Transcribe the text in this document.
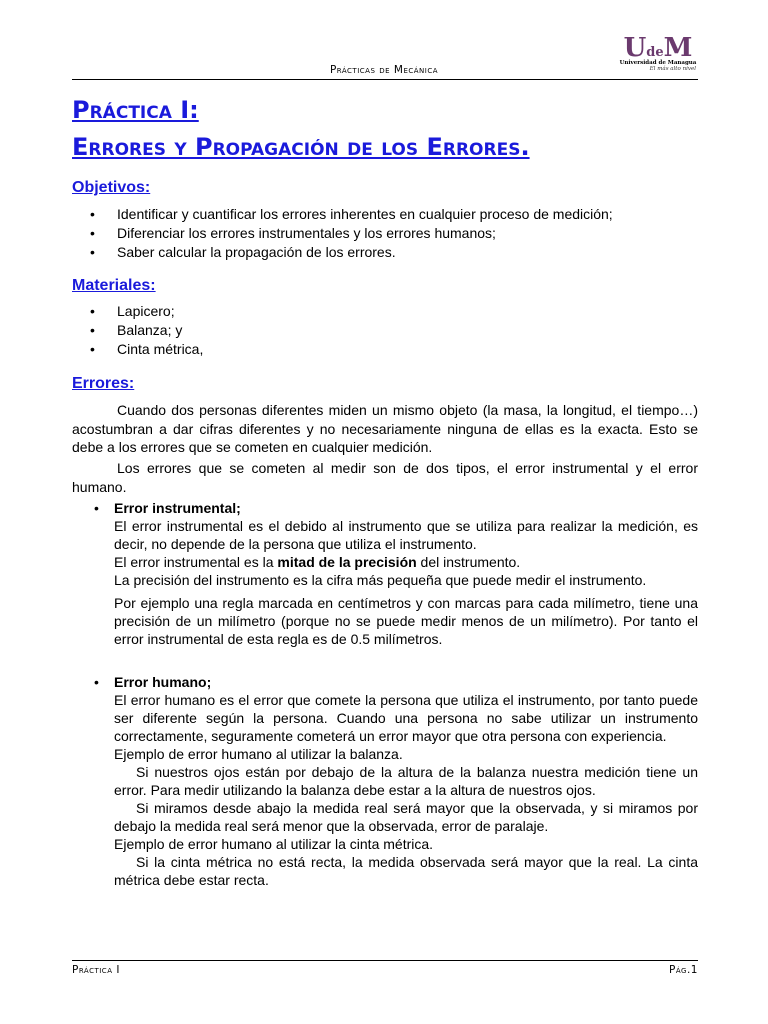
Prácticas de Mecánica
UdeM
Universidad de Managua
El más alto nivel
Práctica I:
Errores y Propagación de los Errores.
Objetivos:
• Identificar y cuantificar los errores inherentes en cualquier proceso de medición;
• Diferenciar los errores instrumentales y los errores humanos;
• Saber calcular la propagación de los errores.
Materiales:
• Lapicero;
• Balanza; y
• Cinta métrica,
Errores:

Cuando dos personas diferentes miden un mismo objeto (la masa, la longitud, el tiempo…) acostumbran a dar cifras diferentes y no necesariamente ninguna de ellas es la exacta. Esto se debe a los errores que se cometen en cualquier medición.

Los errores que se cometen al medir son de dos tipos, el error instrumental y el error humano.

• Error instrumental;

El error instrumental es el debido al instrumento que se utiliza para realizar la medición, es decir, no depende de la persona que utiliza el instrumento.

El error instrumental es la mitad de la precisión del instrumento.

La precisión del instrumento es la cifra más pequeña que puede medir el instrumento.

Por ejemplo una regla marcada en centímetros y con marcas para cada milímetro, tiene una precisión de un milímetro (porque no se puede medir menos de un milímetro). Por tanto el error instrumental de esta regla es de 0.5 milímetros.

• Error humano;

El error humano es el error que comete la persona que utiliza el instrumento, por tanto puede ser diferente según la persona. Cuando una persona no sabe utilizar un instrumento correctamente, seguramente cometerá un error mayor que otra persona con experiencia.

Ejemplo de error humano al utilizar la balanza.

Si nuestros ojos están por debajo de la altura de la balanza nuestra medición tiene un error. Para medir utilizando la balanza debe estar a la altura de nuestros ojos.

Si miramos desde abajo la medida real será mayor que la observada, y si miramos por debajo la medida real será menor que la observada, error de paralaje.

Ejemplo de error humano al utilizar la cinta métrica.

Si la cinta métrica no está recta, la medida observada será mayor que la real. La cinta métrica debe estar recta.

Práctica I	Pág.1
